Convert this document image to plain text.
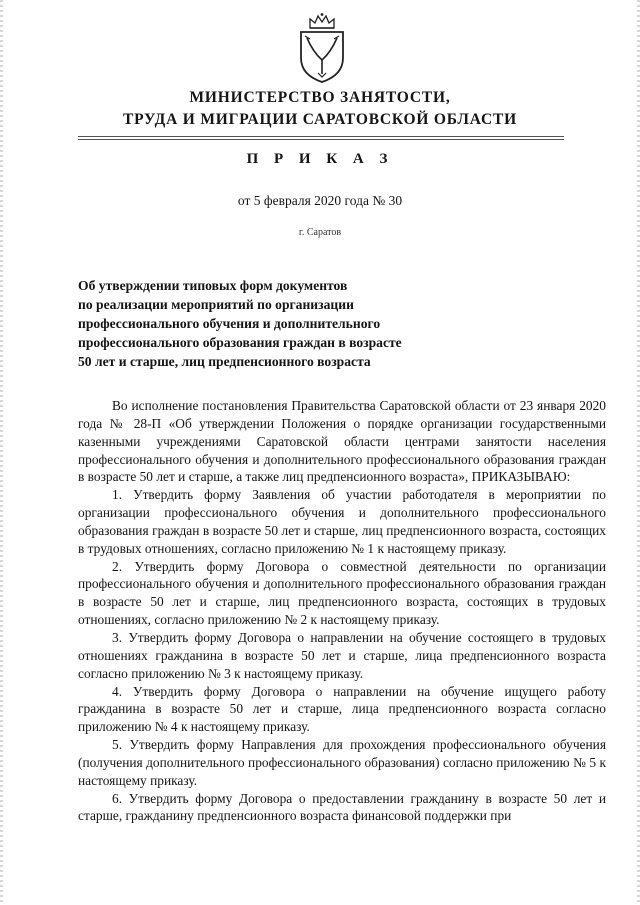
МИНИСТЕРСТВО ЗАНЯТОСТИ,
ТРУДА И МИГРАЦИИ САРАТОВСКОЙ ОБЛАСТИ
П Р И К А З
от 5 февраля 2020 года № 30
г. Саратов
Об утверждении типовых форм документов
по реализации мероприятий по организации
профессионального обучения и дополнительного
профессионального образования граждан в возрасте
50 лет и старше, лиц предпенсионного возраста

Во исполнение постановления Правительства Саратовской области от 23 января 2020 года № 28-П «Об утверждении Положения о порядке организации государственными казенными учреждениями Саратовской области центрами занятости населения профессионального обучения и дополнительного профессионального образования граждан в возрасте 50 лет и старше, а также лиц предпенсионного возраста», ПРИКАЗЫВАЮ:

1. Утвердить форму Заявления об участии работодателя в мероприятии по организации профессионального обучения и дополнительного профессионального образования граждан в возрасте 50 лет и старше, лиц предпенсионного возраста, состоящих в трудовых отношениях, согласно приложению № 1 к настоящему приказу.

2. Утвердить форму Договора о совместной деятельности по организации профессионального обучения и дополнительного профессионального образования граждан в возрасте 50 лет и старше, лиц предпенсионного возраста, состоящих в трудовых отношениях, согласно приложению № 2 к настоящему приказу.

3. Утвердить форму Договора о направлении на обучение состоящего в трудовых отношениях гражданина в возрасте 50 лет и старше, лица предпенсионного возраста согласно приложению № 3 к настоящему приказу.

4. Утвердить форму Договора о направлении на обучение ищущего работу гражданина в возрасте 50 лет и старше, лица предпенсионного возраста согласно приложению № 4 к настоящему приказу.

5. Утвердить форму Направления для прохождения профессионального обучения (получения дополнительного профессионального образования) согласно приложению № 5 к настоящему приказу.

6. Утвердить форму Договора о предоставлении гражданину в возрасте 50 лет и старше, гражданину предпенсионного возраста финансовой поддержки при
